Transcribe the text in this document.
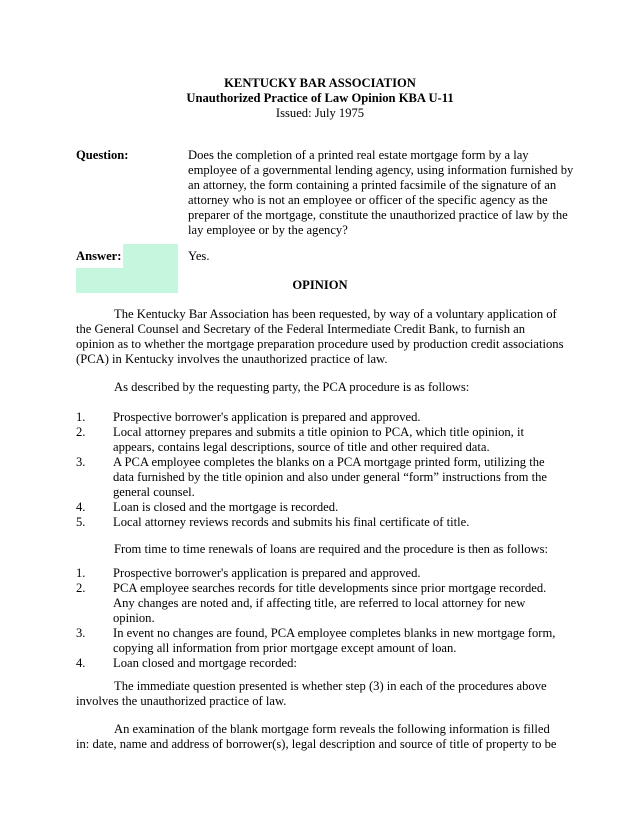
KENTUCKY BAR ASSOCIATION
Unauthorized Practice of Law Opinion KBA U-11
Issued: July 1975
Question:	Does the completion of a printed real estate mortgage form by a lay employee of a governmental lending agency, using information furnished by an attorney, the form containing a printed facsimile of the signature of an attorney who is not an employee or officer of the specific agency as the preparer of the mortgage, constitute the unauthorized practice of law by the lay employee or by the agency?
Answer:	Yes.
OPINION
The Kentucky Bar Association has been requested, by way of a voluntary application of the General Counsel and Secretary of the Federal Intermediate Credit Bank, to furnish an opinion as to whether the mortgage preparation procedure used by production credit associations (PCA) in Kentucky involves the unauthorized practice of law.
As described by the requesting party, the PCA procedure is as follows:
1. Prospective borrower's application is prepared and approved.
2. Local attorney prepares and submits a title opinion to PCA, which title opinion, it appears, contains legal descriptions, source of title and other required data.
3. A PCA employee completes the blanks on a PCA mortgage printed form, utilizing the data furnished by the title opinion and also under general “form” instructions from the general counsel.
4. Loan is closed and the mortgage is recorded.
5. Local attorney reviews records and submits his final certificate of title.
From time to time renewals of loans are required and the procedure is then as follows:
1. Prospective borrower's application is prepared and approved.
2. PCA employee searches records for title developments since prior mortgage recorded. Any changes are noted and, if affecting title, are referred to local attorney for new opinion.
3. In event no changes are found, PCA employee completes blanks in new mortgage form, copying all information from prior mortgage except amount of loan.
4. Loan closed and mortgage recorded:
The immediate question presented is whether step (3) in each of the procedures above involves the unauthorized practice of law.
An examination of the blank mortgage form reveals the following information is filled in: date, name and address of borrower(s), legal description and source of title of property to be
